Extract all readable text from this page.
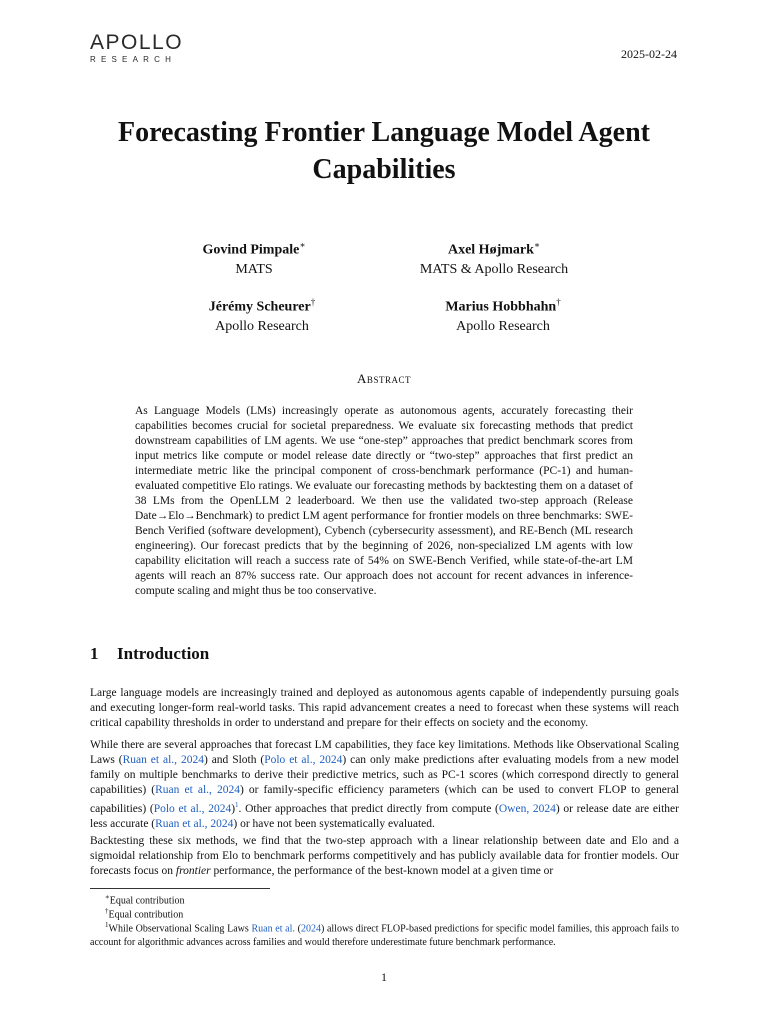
APOLLO
RESEARCH	2025-02-24
Forecasting Frontier Language Model Agent Capabilities
Govind Pimpale∗
MATS
Axel Højmark∗
MATS & Apollo Research
Jérémy Scheurer†
Apollo Research
Marius Hobbhahn†
Apollo Research
Abstract

As Language Models (LMs) increasingly operate as autonomous agents, accurately forecasting their capabilities becomes crucial for societal preparedness. We evaluate six forecasting methods that predict downstream capabilities of LM agents. We use “one-step” approaches that predict benchmark scores from input metrics like compute or model release date directly or “two-step” approaches that first predict an intermediate metric like the principal component of cross-benchmark performance (PC-1) and human-evaluated competitive Elo ratings. We evaluate our forecasting methods by backtesting them on a dataset of 38 LMs from the OpenLLM 2 leaderboard. We then use the validated two-step approach (Release Date→Elo→Benchmark) to predict LM agent performance for frontier models on three benchmarks: SWE-Bench Verified (software development), Cybench (cybersecurity assessment), and RE-Bench (ML research engineering). Our forecast predicts that by the beginning of 2026, non-specialized LM agents with low capability elicitation will reach a success rate of 54% on SWE-Bench Verified, while state-of-the-art LM agents will reach an 87% success rate. Our approach does not account for recent advances in inference-compute scaling and might thus be too conservative.

1 Introduction

Large language models are increasingly trained and deployed as autonomous agents capable of independently pursuing goals and executing longer-form real-world tasks. This rapid advancement creates a need to forecast when these systems will reach critical capability thresholds in order to understand and prepare for their effects on society and the economy.

While there are several approaches that forecast LM capabilities, they face key limitations. Methods like Observational Scaling Laws (Ruan et al., 2024) and Sloth (Polo et al., 2024) can only make predictions after evaluating models from a new model family on multiple benchmarks to derive their predictive metrics, such as PC-1 scores (which correspond directly to general capabilities) (Ruan et al., 2024) or family-specific efficiency parameters (which can be used to convert FLOP to general capabilities) (Polo et al., 2024)$^1$. Other approaches that predict directly from compute (Owen, 2024) or release date are either less accurate (Ruan et al., 2024) or have not been systematically evaluated.

Backtesting these six methods, we find that the two-step approach with a linear relationship between date and Elo and a sigmoidal relationship from Elo to benchmark performs competitively and has publicly available data for frontier models. Our forecasts focus on frontier performance, the performance of the best-known model at a given time or

∗Equal contribution

†Equal contribution

$^1$While Observational Scaling Laws Ruan et al. (2024) allows direct FLOP-based predictions for specific model families, this approach fails to account for algorithmic advances across families and would therefore underestimate future benchmark performance.

1
